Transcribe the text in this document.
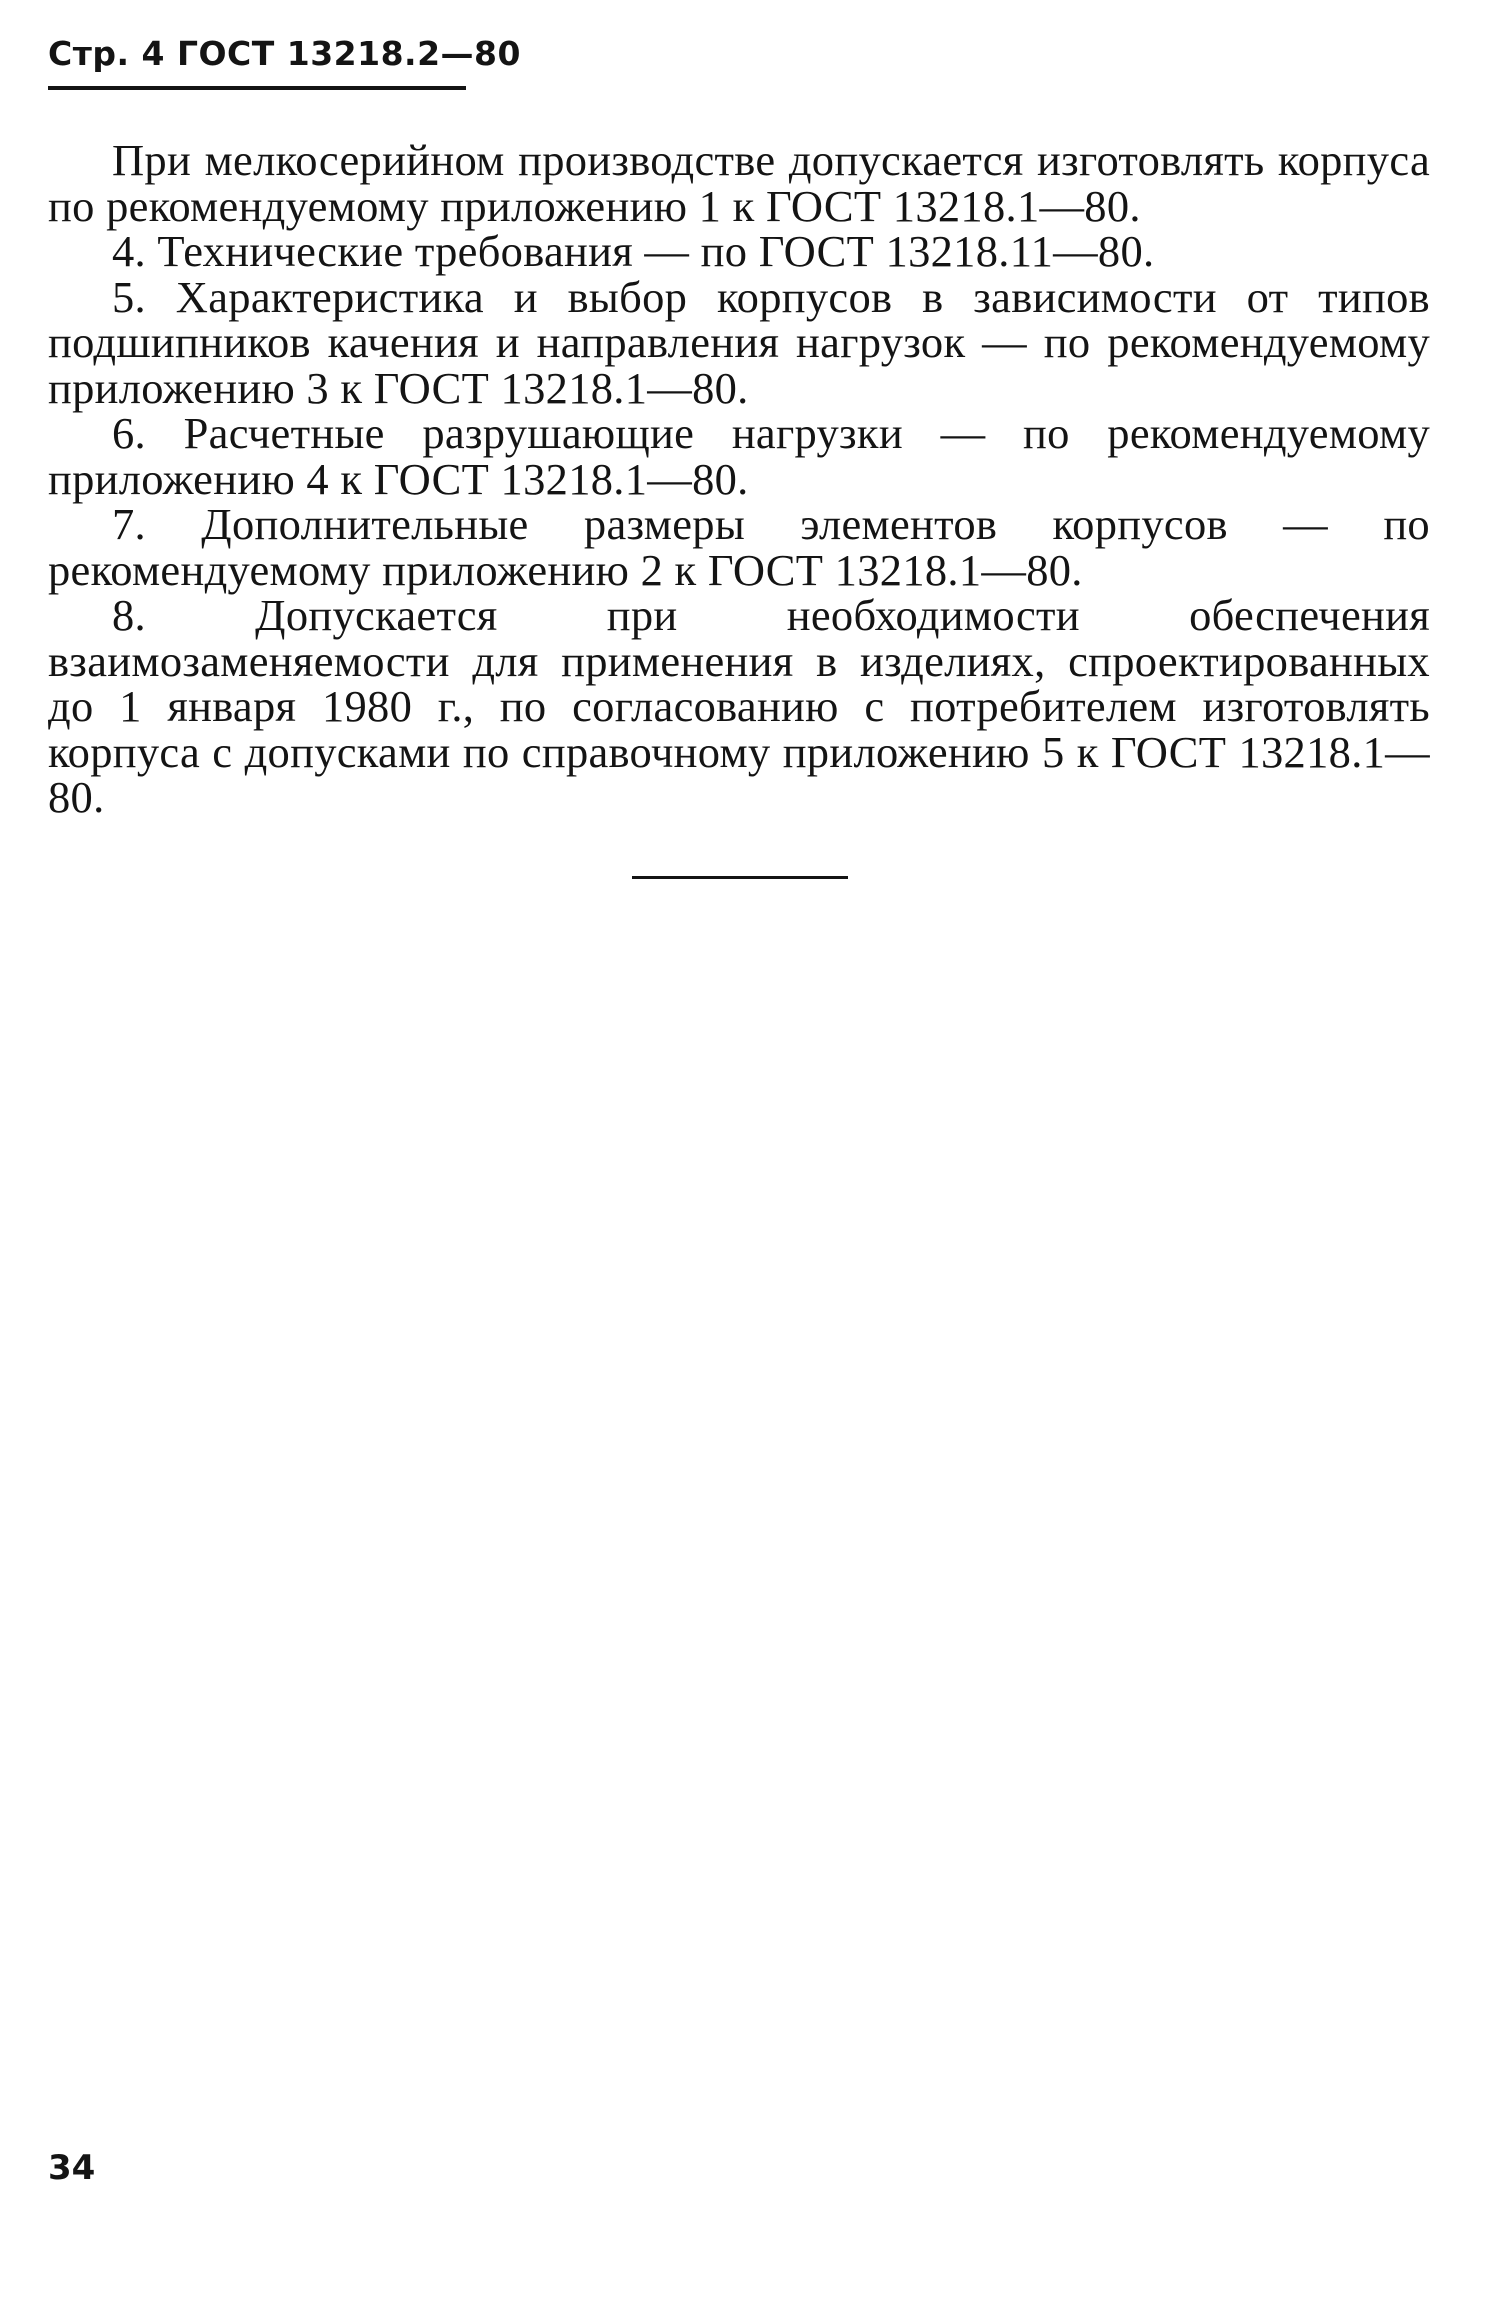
Стр. 4 ГОСТ 13218.2—80

При мелкосерийном производстве допускается изготовлять корпуса по рекомендуемому приложению 1 к ГОСТ 13218.1—80.

4. Технические требования — по ГОСТ 13218.11—80.

5. Характеристика и выбор корпусов в зависимости от типов подшипников качения и направления нагрузок — по рекомендуемому приложению 3 к ГОСТ 13218.1—80.

6. Расчетные разрушающие нагрузки — по рекомендуемому приложению 4 к ГОСТ 13218.1—80.

7. Дополнительные размеры элементов корпусов — по рекомендуемому приложению 2 к ГОСТ 13218.1—80.

8. Допускается при необходимости обеспечения взаимозаменяемости для применения в изделиях, спроектированных до 1 января 1980 г., по согласованию с потребителем изготовлять корпуса с допусками по справочному приложению 5 к ГОСТ 13218.1—80.

34
